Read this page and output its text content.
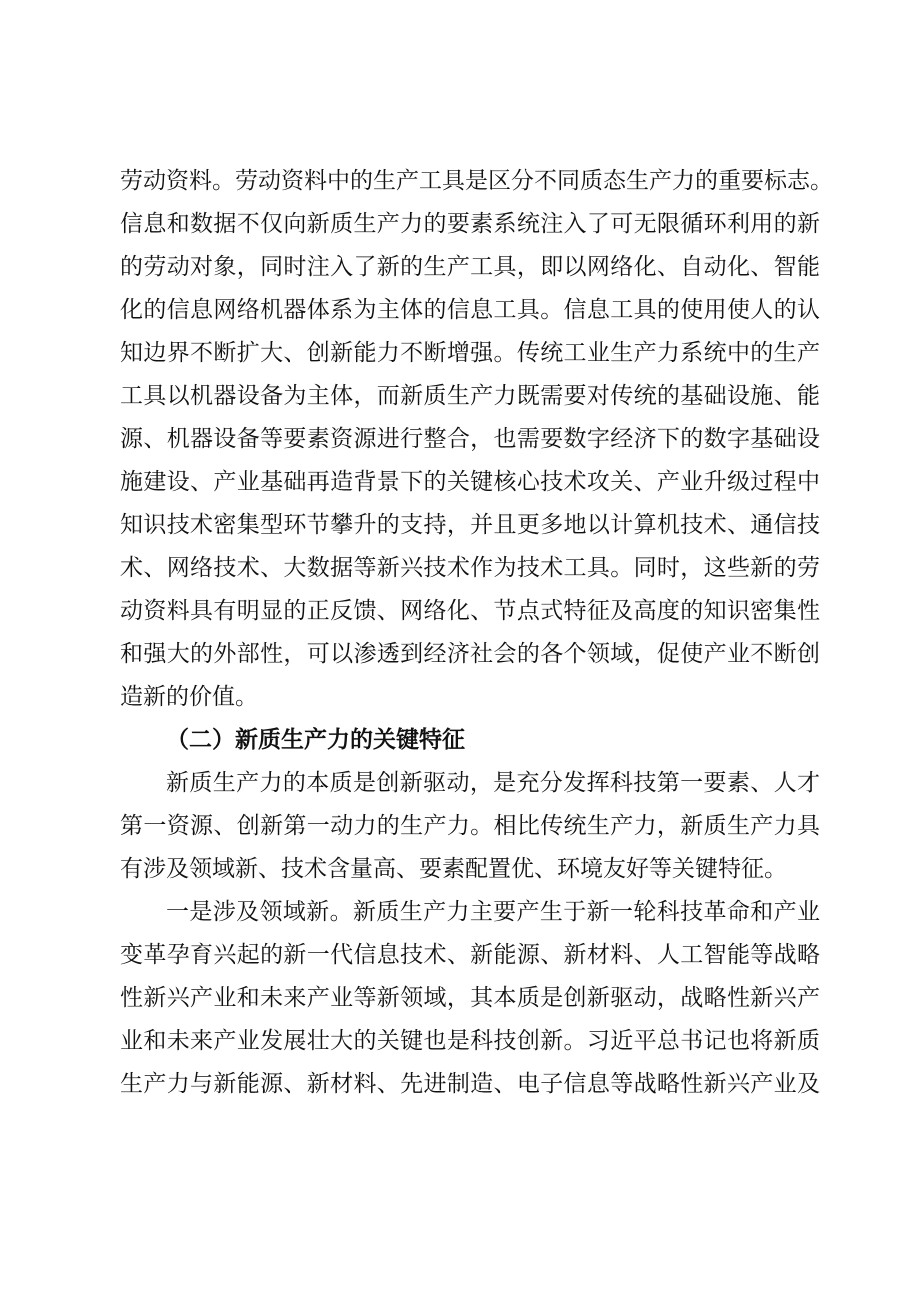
劳动资料。劳动资料中的生产工具是区分不同质态生产力的重要标志。
信息和数据不仅向新质生产力的要素系统注入了可无限循环利用的新
的劳动对象，同时注入了新的生产工具，即以网络化、自动化、智能
化的信息网络机器体系为主体的信息工具。信息工具的使用使人的认
知边界不断扩大、创新能力不断增强。传统工业生产力系统中的生产
工具以机器设备为主体，而新质生产力既需要对传统的基础设施、能
源、机器设备等要素资源进行整合，也需要数字经济下的数字基础设
施建设、产业基础再造背景下的关键核心技术攻关、产业升级过程中
知识技术密集型环节攀升的支持，并且更多地以计算机技术、通信技
术、网络技术、大数据等新兴技术作为技术工具。同时，这些新的劳
动资料具有明显的正反馈、网络化、节点式特征及高度的知识密集性
和强大的外部性，可以渗透到经济社会的各个领域，促使产业不断创
造新的价值。
（二）新质生产力的关键特征
新质生产力的本质是创新驱动，是充分发挥科技第一要素、人才
第一资源、创新第一动力的生产力。相比传统生产力，新质生产力具
有涉及领域新、技术含量高、要素配置优、环境友好等关键特征。
一是涉及领域新。新质生产力主要产生于新一轮科技革命和产业
变革孕育兴起的新一代信息技术、新能源、新材料、人工智能等战略
性新兴产业和未来产业等新领域，其本质是创新驱动，战略性新兴产
业和未来产业发展壮大的关键也是科技创新。习近平总书记也将新质
生产力与新能源、新材料、先进制造、电子信息等战略性新兴产业及
